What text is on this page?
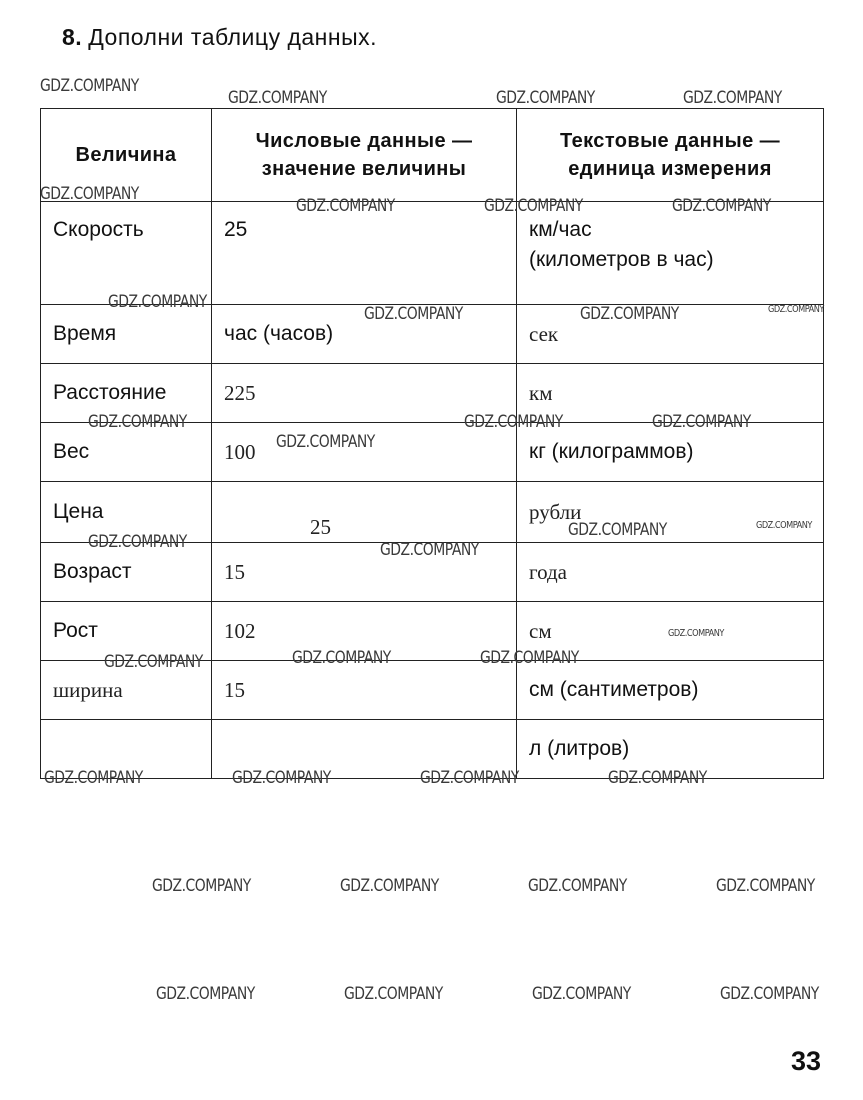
8. Дополни таблицу данных.
Величина	Числовые данные — значение величины	Текстовые данные — единица измерения
Скорость	25	км/час
(километров в час)

Время	час (часов)	сек
Расстояние	225	км
Вес	100	кг (килограммов)
Цена	25	рубли
Возраст	15	года
Рост	102	см
ширина	15	см (сантиметров)
		л (литров)
GDZ.COMPANY
GDZ.COMPANY	GDZ.COMPANY	GDZ.COMPANY
GDZ.COMPANY
GDZ.COMPANY	GDZ.COMPANY	GDZ.COMPANY
GDZ.COMPANY
GDZ.COMPANY	GDZ.COMPANY	GDZ.COMPANY
GDZ.COMPANY
GDZ.COMPANY
GDZ.COMPANY	GDZ.COMPANY
GDZ.COMPANY	GDZ.COMPANY
GDZ.COMPANY	GDZ.COMPANY
GDZ.COMPANY
GDZ.COMPANY	GDZ.COMPANY	GDZ.COMPANY
GDZ.COMPANY	GDZ.COMPANY	GDZ.COMPANY	GDZ.COMPANY
GDZ.COMPANY	GDZ.COMPANY	GDZ.COMPANY	GDZ.COMPANY
GDZ.COMPANY	GDZ.COMPANY	GDZ.COMPANY	GDZ.COMPANY
33
